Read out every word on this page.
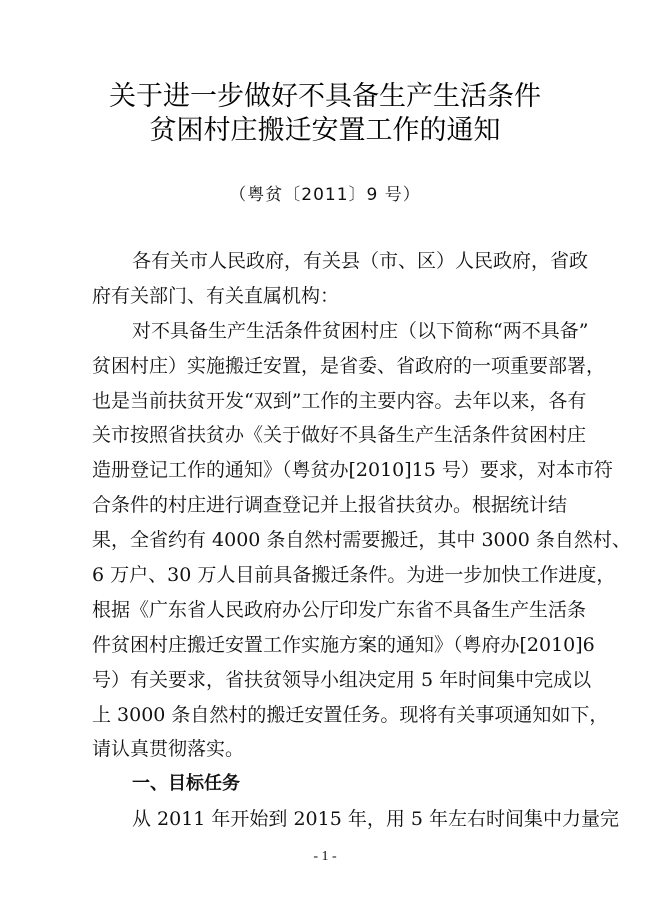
关于进一步做好不具备生产生活条件
贫困村庄搬迁安置工作的通知
（粤贫〔2011〕9 号）
各有关市人民政府，有关县（市、区）人民政府，省政
府有关部门、有关直属机构：
对不具备生产生活条件贫困村庄（以下简称“两不具备”
贫困村庄）实施搬迁安置，是省委、省政府的一项重要部署，
也是当前扶贫开发“双到”工作的主要内容。去年以来，各有
关市按照省扶贫办《关于做好不具备生产生活条件贫困村庄
造册登记工作的通知》（粤贫办[2010]15 号）要求，对本市符
合条件的村庄进行调查登记并上报省扶贫办。根据统计结
果，全省约有 4000 条自然村需要搬迁，其中 3000 条自然村、
6 万户、30 万人目前具备搬迁条件。为进一步加快工作进度，
根据《广东省人民政府办公厅印发广东省不具备生产生活条
件贫困村庄搬迁安置工作实施方案的通知》（粤府办[2010]6
号）有关要求，省扶贫领导小组决定用 5 年时间集中完成以
上 3000 条自然村的搬迁安置任务。现将有关事项通知如下，
请认真贯彻落实。
一、目标任务
从 2011 年开始到 2015 年，用 5 年左右时间集中力量完
- 1 -
